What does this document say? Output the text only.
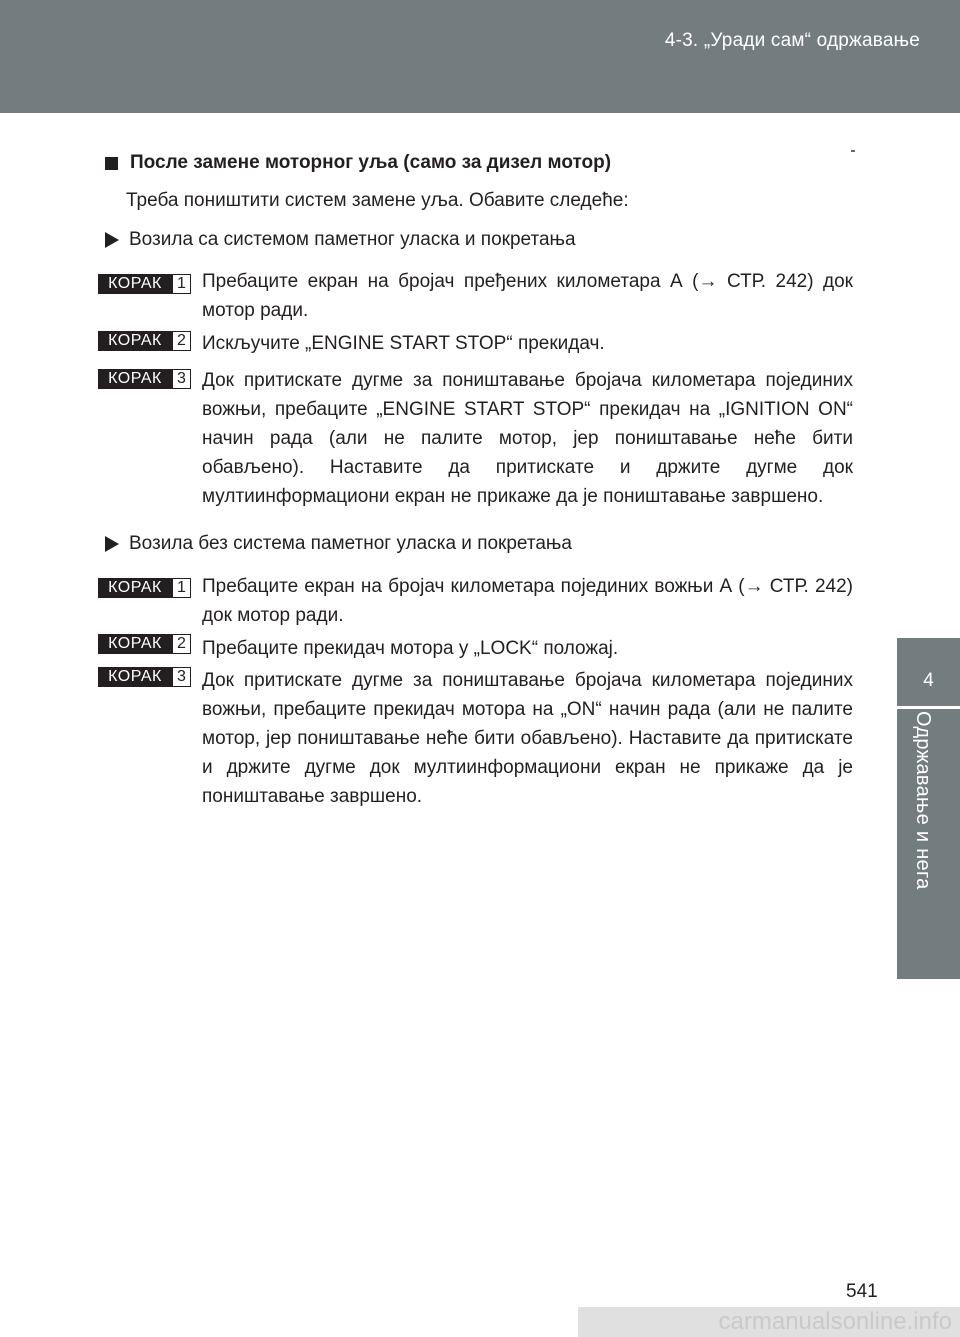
4-3. „Уради сам“ одржавање
4
Одржавање и нега
После замене моторног уља (само за дизел мотор)
Треба поништити систем замене уља. Обавите следеће:
Возила са системом паметног уласка и покретања
КОРАК 1 Пребаците екран на бројач пређених километара А (→ СТР. 242) док мотор ради.
КОРАК 2 Искључите „ENGINE START STOP“ прекидач.
КОРАК 3 Док притискате дугме за поништавање бројача километара појединих вожњи, пребаците „ENGINE START STOP“ прекидач на „IGNITION ON“ начин рада (али не палите мотор, јер поништавање неће бити обављено). Наставите да притискате и држите дугме док мултиинформациони екран не прикаже да је поништавање завршено.
Возила без система паметног уласка и покретања
КОРАК 1 Пребаците екран на бројач километара појединих вожњи А (→ СТР. 242) док мотор ради.
КОРАК 2 Пребаците прекидач мотора у „LOCK“ положај.
КОРАК 3 Док притискате дугме за поништавање бројача километара појединих вожњи, пребаците прекидач мотора на „ON“ начин рада (али не палите мотор, јер поништавање неће бити обављено). Наставите да притискате и држите дугме док мултиинформациони екран не прикаже да је поништавање завршено.
541
carmanualsonline.info
